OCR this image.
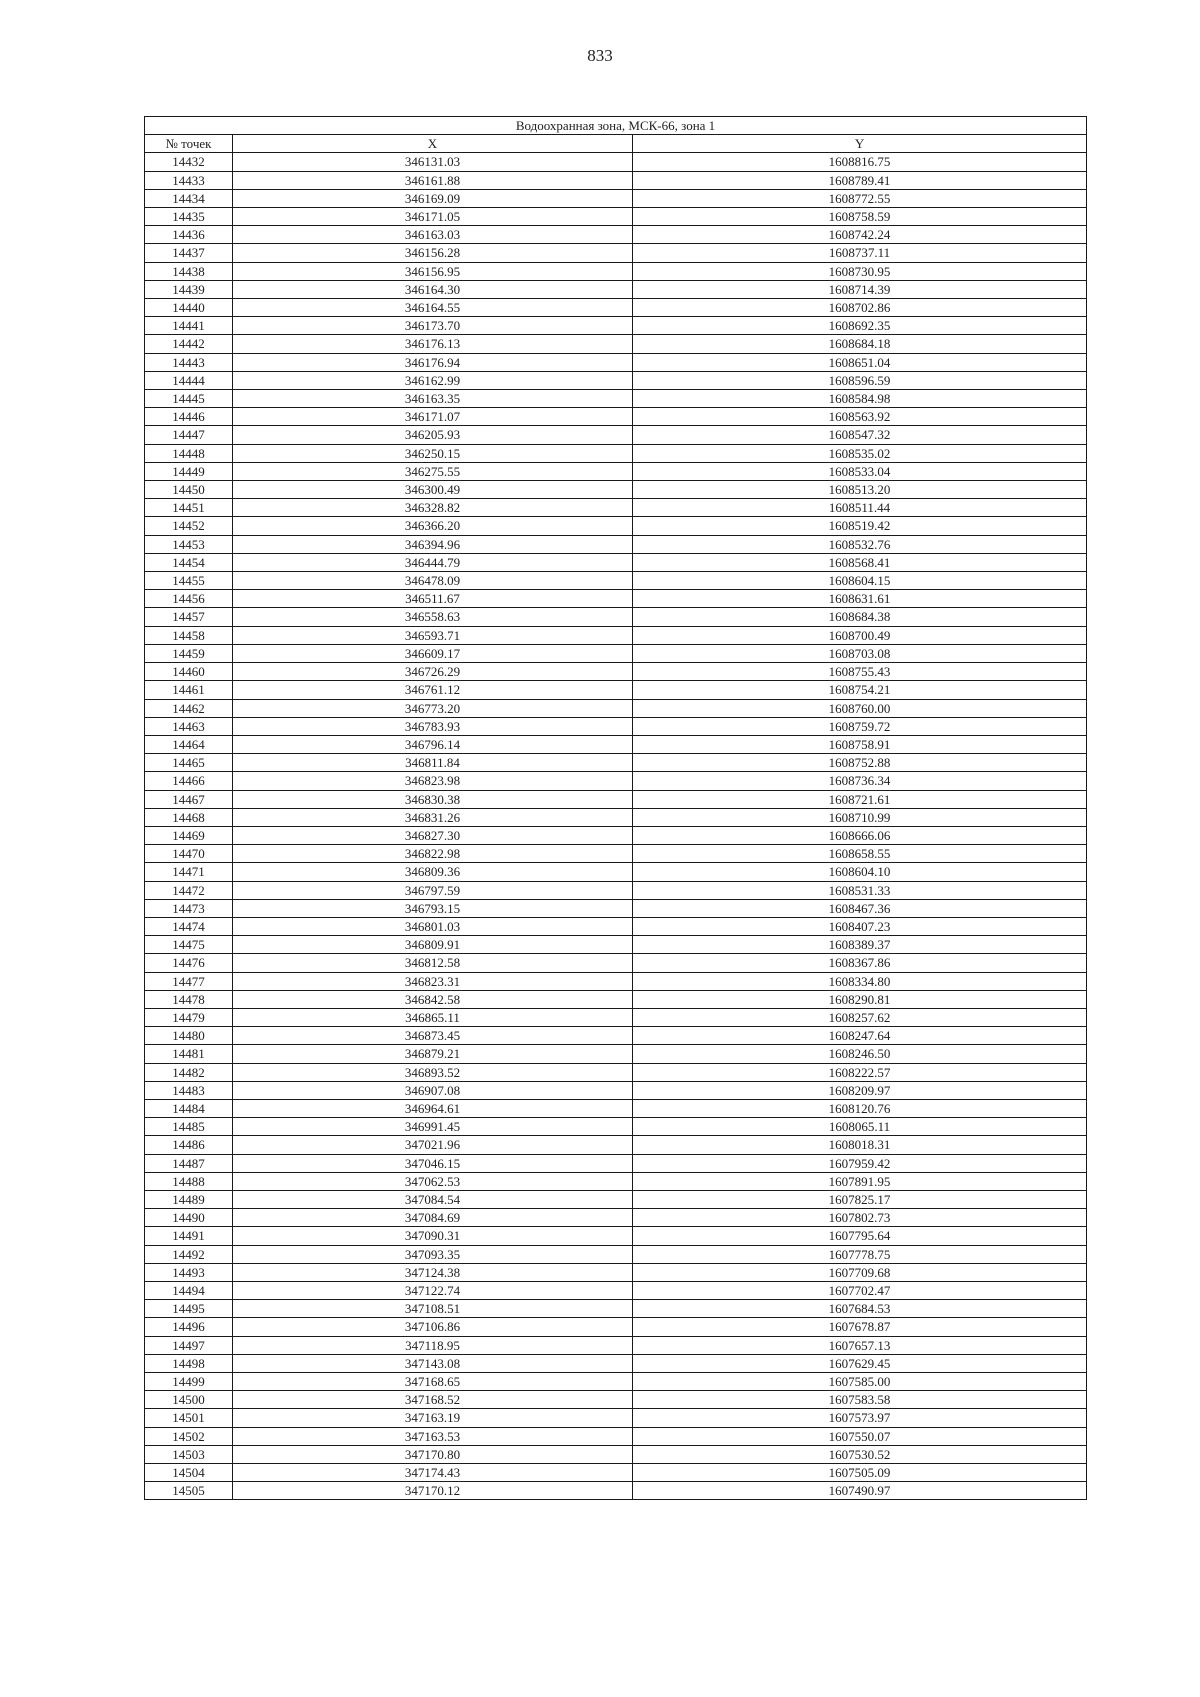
833
Водоохранная зона, МСК-66, зона 1		
№ точек	X	Y
14432	346131.03	1608816.75
14433	346161.88	1608789.41
14434	346169.09	1608772.55
14435	346171.05	1608758.59
14436	346163.03	1608742.24
14437	346156.28	1608737.11
14438	346156.95	1608730.95
14439	346164.30	1608714.39
14440	346164.55	1608702.86
14441	346173.70	1608692.35
14442	346176.13	1608684.18
14443	346176.94	1608651.04
14444	346162.99	1608596.59
14445	346163.35	1608584.98
14446	346171.07	1608563.92
14447	346205.93	1608547.32
14448	346250.15	1608535.02
14449	346275.55	1608533.04
14450	346300.49	1608513.20
14451	346328.82	1608511.44
14452	346366.20	1608519.42
14453	346394.96	1608532.76
14454	346444.79	1608568.41
14455	346478.09	1608604.15
14456	346511.67	1608631.61
14457	346558.63	1608684.38
14458	346593.71	1608700.49
14459	346609.17	1608703.08
14460	346726.29	1608755.43
14461	346761.12	1608754.21
14462	346773.20	1608760.00
14463	346783.93	1608759.72
14464	346796.14	1608758.91
14465	346811.84	1608752.88
14466	346823.98	1608736.34
14467	346830.38	1608721.61
14468	346831.26	1608710.99
14469	346827.30	1608666.06
14470	346822.98	1608658.55
14471	346809.36	1608604.10
14472	346797.59	1608531.33
14473	346793.15	1608467.36
14474	346801.03	1608407.23
14475	346809.91	1608389.37
14476	346812.58	1608367.86
14477	346823.31	1608334.80
14478	346842.58	1608290.81
14479	346865.11	1608257.62
14480	346873.45	1608247.64
14481	346879.21	1608246.50
14482	346893.52	1608222.57
14483	346907.08	1608209.97
14484	346964.61	1608120.76
14485	346991.45	1608065.11
14486	347021.96	1608018.31
14487	347046.15	1607959.42
14488	347062.53	1607891.95
14489	347084.54	1607825.17
14490	347084.69	1607802.73
14491	347090.31	1607795.64
14492	347093.35	1607778.75
14493	347124.38	1607709.68
14494	347122.74	1607702.47
14495	347108.51	1607684.53
14496	347106.86	1607678.87
14497	347118.95	1607657.13
14498	347143.08	1607629.45
14499	347168.65	1607585.00
14500	347168.52	1607583.58
14501	347163.19	1607573.97
14502	347163.53	1607550.07
14503	347170.80	1607530.52
14504	347174.43	1607505.09
14505	347170.12	1607490.97
